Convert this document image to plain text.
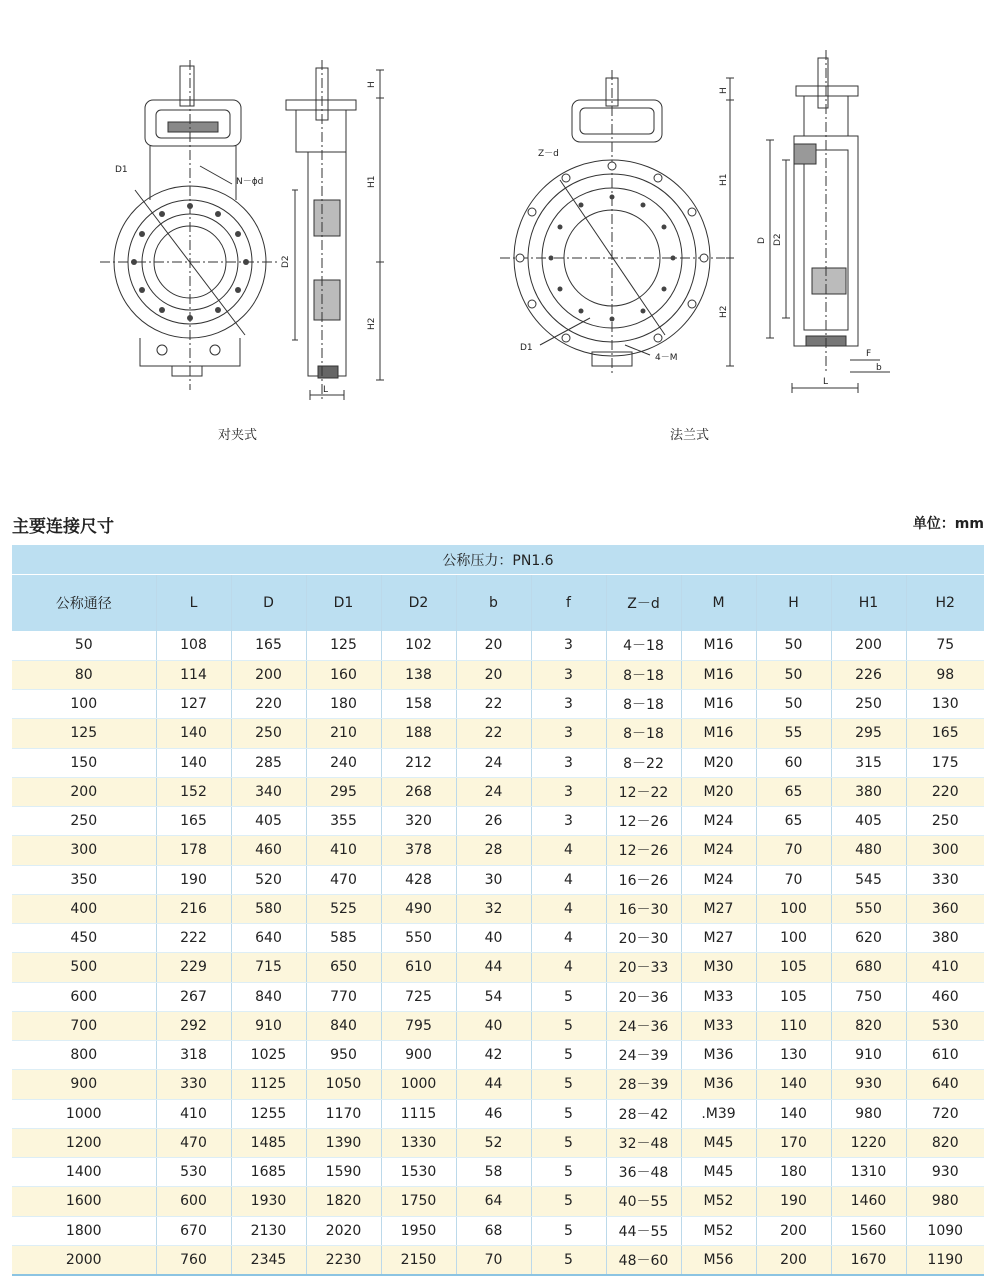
D1
N－ϕd
D2
H
H1
H2
L
Z－d
D1
4－M
H
H1
H2
D D2
F
b
L
对夹式	法兰式
主要连接尺寸	单位：mm
公称压力：PN1.6											
公称通径	L	D	D1	D2	b	f	Z－d	M	H	H1	H2
50	108	165	125	102	20	3	4－18	M16	50	200	75
80	114	200	160	138	20	3	8－18	M16	50	226	98
100	127	220	180	158	22	3	8－18	M16	50	250	130
125	140	250	210	188	22	3	8－18	M16	55	295	165
150	140	285	240	212	24	3	8－22	M20	60	315	175
200	152	340	295	268	24	3	12－22	M20	65	380	220
250	165	405	355	320	26	3	12－26	M24	65	405	250
300	178	460	410	378	28	4	12－26	M24	70	480	300
350	190	520	470	428	30	4	16－26	M24	70	545	330
400	216	580	525	490	32	4	16－30	M27	100	550	360
450	222	640	585	550	40	4	20－30	M27	100	620	380
500	229	715	650	610	44	4	20－33	M30	105	680	410
600	267	840	770	725	54	5	20－36	M33	105	750	460
700	292	910	840	795	40	5	24－36	M33	110	820	530
800	318	1025	950	900	42	5	24－39	M36	130	910	610
900	330	1125	1050	1000	44	5	28－39	M36	140	930	640
1000	410	1255	1170	1115	46	5	28－42	.M39	140	980	720
1200	470	1485	1390	1330	52	5	32－48	M45	170	1220	820
1400	530	1685	1590	1530	58	5	36－48	M45	180	1310	930
1600	600	1930	1820	1750	64	5	40－55	M52	190	1460	980
1800	670	2130	2020	1950	68	5	44－55	M52	200	1560	1090
2000	760	2345	2230	2150	70	5	48－60	M56	200	1670	1190
